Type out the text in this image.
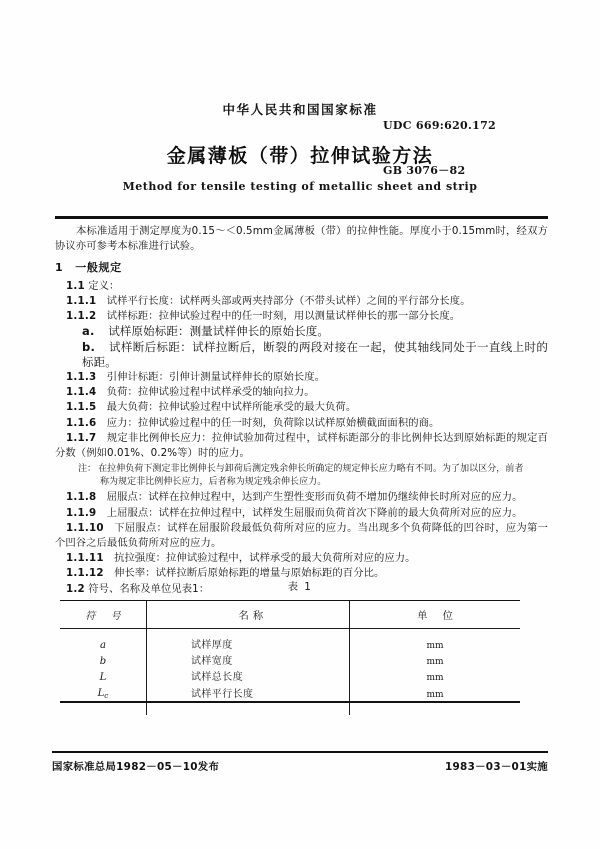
中华人民共和国国家标准
金属薄板（带）拉伸试验方法
Method for tensile testing of metallic sheet and strip
UDC 669:620.172
GB 3076－82

本标准适用于测定厚度为0.15～＜0.5mm金属薄板（带）的拉伸性能。厚度小于0.15mm时，经双方协议亦可参考本标准进行试验。

1 一般规定

1.1 定义：

1.1.1 试样平行长度：试样两头部或两夹持部分（不带头试样）之间的平行部分长度。

1.1.2 试样标距：拉伸试验过程中的任一时刻，用以测量试样伸长的那一部分长度。

a. 试样原始标距：测量试样伸长的原始长度。

b. 试样断后标距：试样拉断后，断裂的两段对接在一起，使其轴线同处于一直线上时的标距。

1.1.3 引伸计标距：引伸计测量试样伸长的原始长度。

1.1.4 负荷：拉伸试验过程中试样承受的轴向拉力。

1.1.5 最大负荷：拉伸试验过程中试样所能承受的最大负荷。

1.1.6 应力：拉伸试验过程中的任一时刻，负荷除以试样原始横截面面积的商。

1.1.7 规定非比例伸长应力：拉伸试验加荷过程中，试样标距部分的非比例伸长达到原始标距的规定百分数（例如0.01%、0.2%等）时的应力。

注： 在拉伸负荷下测定非比例伸长与卸荷后测定残余伸长所确定的规定伸长应力略有不同。为了加以区分，前者
称为规定非比例伸长应力，后者称为规定残余伸长应力。

1.1.8 屈服点：试样在拉伸过程中，达到产生塑性变形而负荷不增加仍继续伸长时所对应的应力。

1.1.9 上屈服点：试样在拉伸过程中，试样发生屈服而负荷首次下降前的最大负荷所对应的应力。

1.1.10 下屈服点：试样在屈服阶段最低负荷所对应的应力。当出现多个负荷降低的凹谷时，应为第一个凹谷之后最低负荷所对应的应力。

1.1.11 抗拉强度：拉伸试验过程中，试样承受的最大负荷所对应的应力。

1.1.12 伸长率：试样拉断后原始标距的增量与原始标距的百分比。

1.2 符号、名称及单位见表1：	表 1
符 号	名 称	单 位
a	试样厚度	mm
b	试样宽度	mm
L	试样总长度	mm
$L_c$	试样平行长度	mm
国家标准总局1982－05－10发布	1983－03－01实施
